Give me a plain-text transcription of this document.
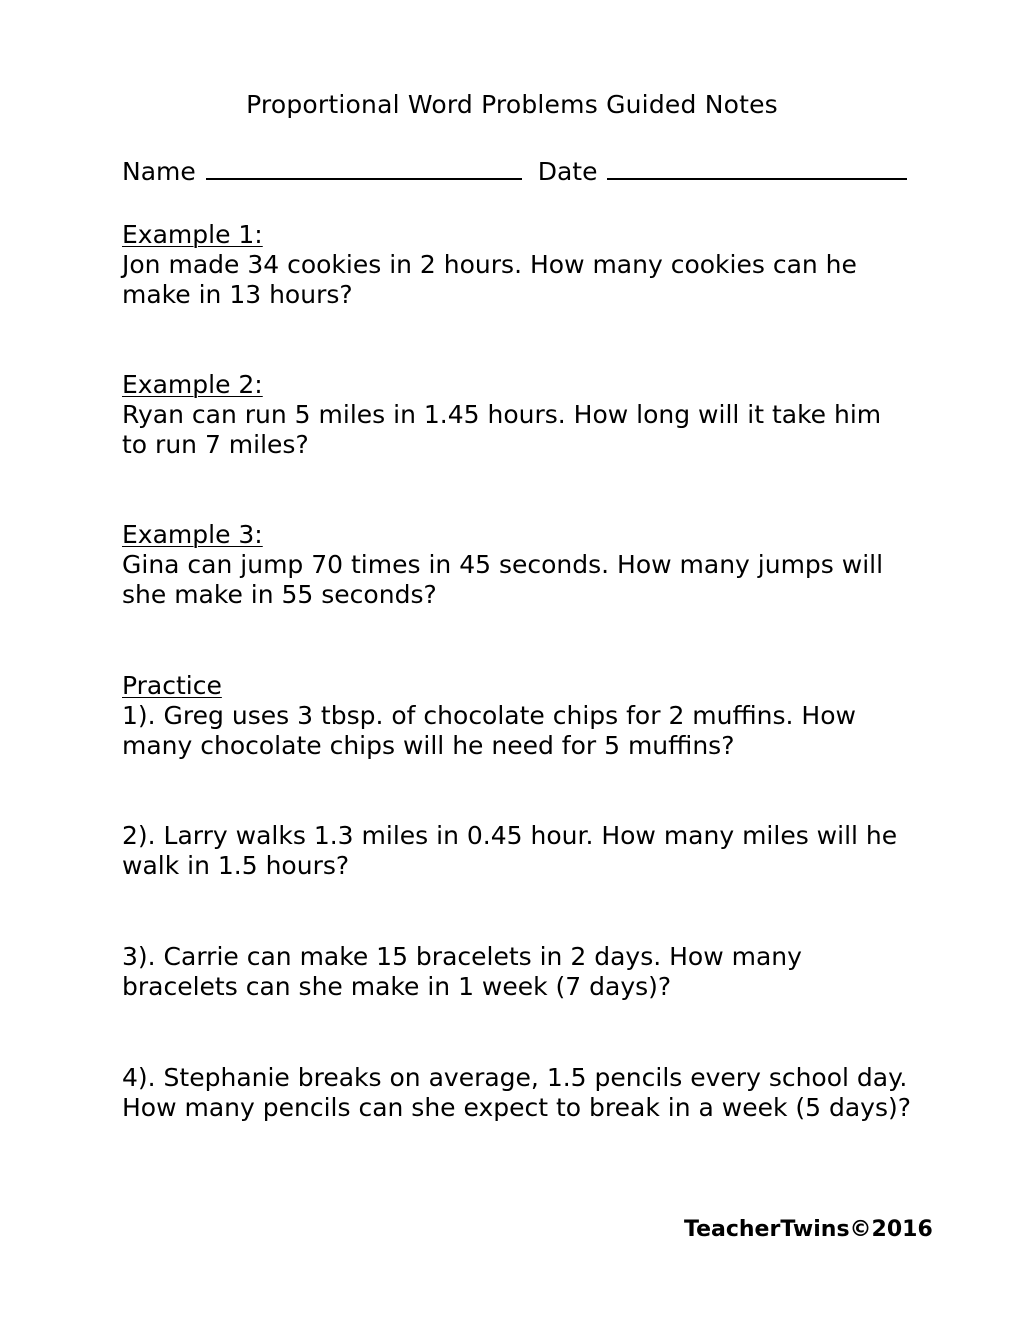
Proportional Word Problems Guided Notes
Name	Date
Example 1:
Jon made 34 cookies in 2 hours. How many cookies can he make in 13 hours?
Example 2:
Ryan can run 5 miles in 1.45 hours. How long will it take him to run 7 miles?
Example 3:
Gina can jump 70 times in 45 seconds. How many jumps will she make in 55 seconds?
Practice
1). Greg uses 3 tbsp. of chocolate chips for 2 muffins. How many chocolate chips will he need for 5 muffins?
2). Larry walks 1.3 miles in 0.45 hour. How many miles will he walk in 1.5 hours?
3). Carrie can make 15 bracelets in 2 days. How many bracelets can she make in 1 week (7 days)?
4). Stephanie breaks on average, 1.5 pencils every school day. How many pencils can she expect to break in a week (5 days)?
TeacherTwins©2016
